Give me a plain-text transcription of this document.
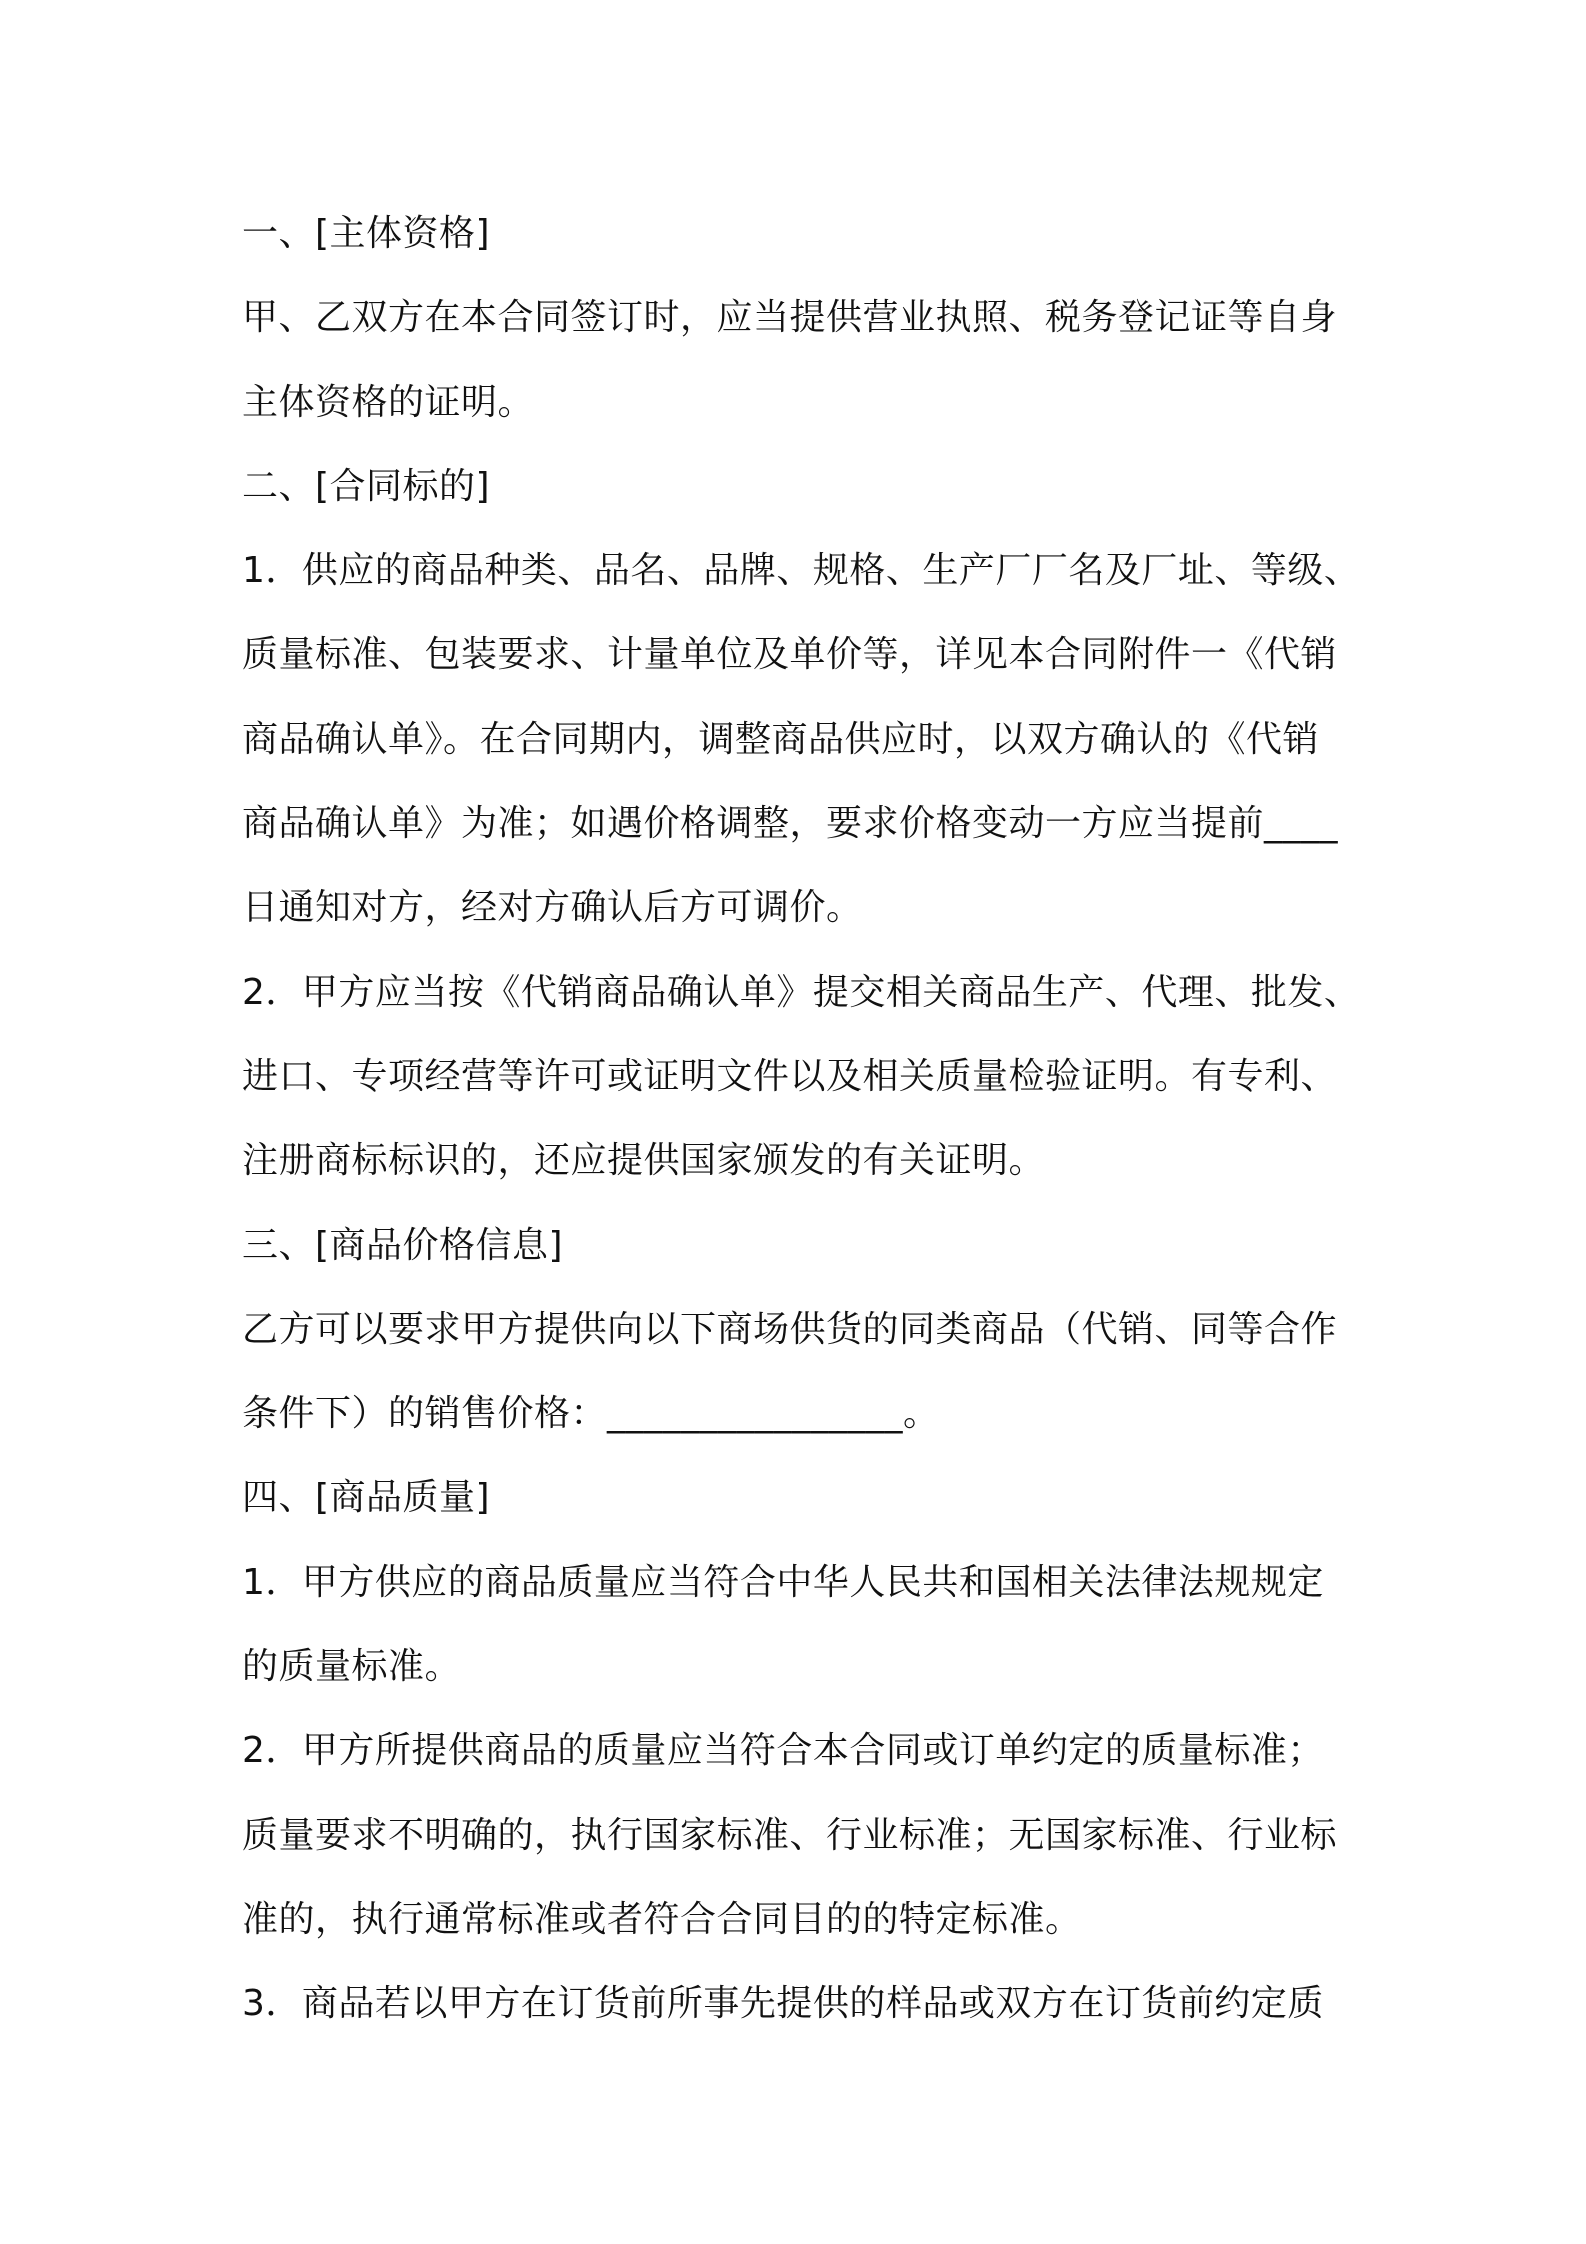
一、[主体资格]
甲、乙双方在本合同签订时，应当提供营业执照、税务登记证等自身
主体资格的证明。
二、[合同标的]
1．供应的商品种类、品名、品牌、规格、生产厂厂名及厂址、等级、
质量标准、包装要求、计量单位及单价等，详见本合同附件一《代销
商品确认单》。在合同期内，调整商品供应时，以双方确认的《代销
商品确认单》为准；如遇价格调整，要求价格变动一方应当提前____
日通知对方，经对方确认后方可调价。
2．甲方应当按《代销商品确认单》提交相关商品生产、代理、批发、
进口、专项经营等许可或证明文件以及相关质量检验证明。有专利、
注册商标标识的，还应提供国家颁发的有关证明。
三、[商品价格信息]
乙方可以要求甲方提供向以下商场供货的同类商品（代销、同等合作
条件下）的销售价格：________________。
四、[商品质量]
1．甲方供应的商品质量应当符合中华人民共和国相关法律法规规定
的质量标准。
2．甲方所提供商品的质量应当符合本合同或订单约定的质量标准；
质量要求不明确的，执行国家标准、行业标准；无国家标准、行业标
准的，执行通常标准或者符合合同目的的特定标准。
3．商品若以甲方在订货前所事先提供的样品或双方在订货前约定质
